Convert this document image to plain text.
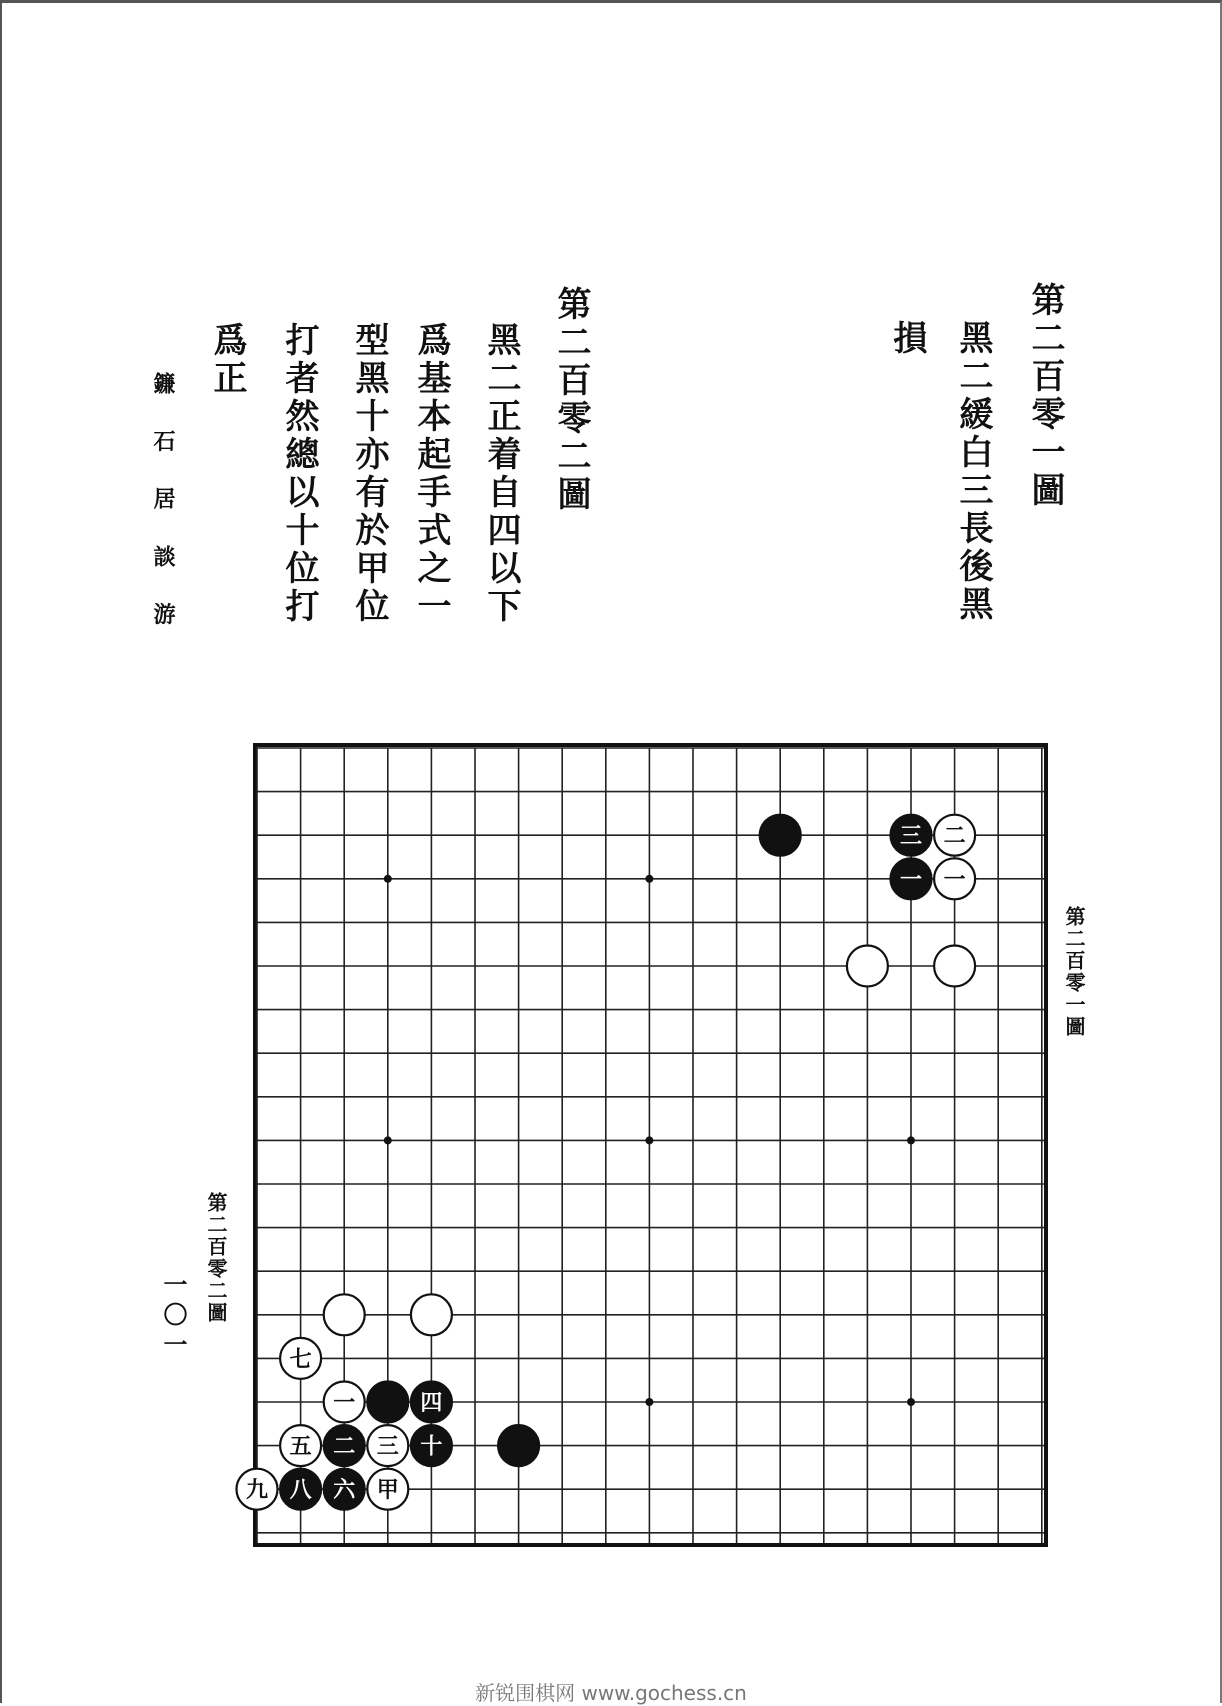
第二百零一圖
黑二緩白三長後黑
損
第二百零二圖
黑二正着自四以下
爲基本起手式之一
型黑十亦有於甲位
打者然總以十位打
爲正
鐮 石 居 談 游
第二百零一圖
第二百零二圖
一〇一
三 二
一 一
七
一	四
五 二 三 十
九 八 六 甲
新锐围棋网 www.gochess.cn
